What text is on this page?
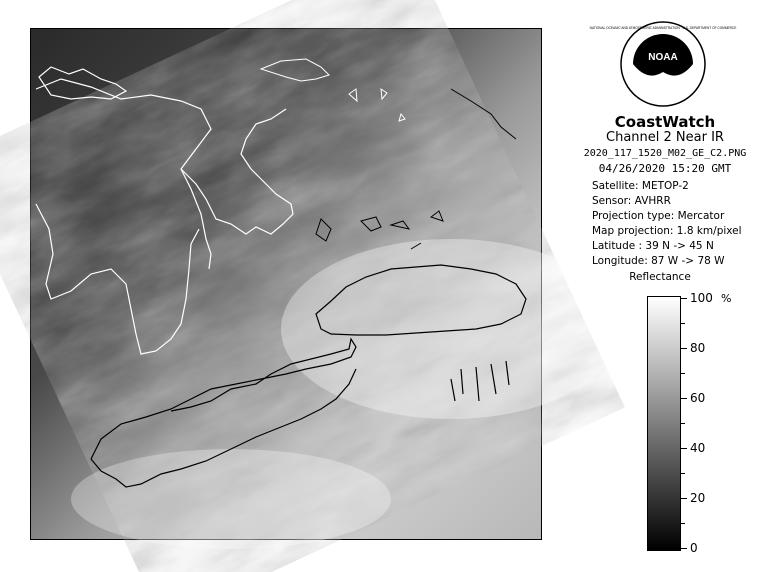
NOAA
NATIONAL OCEANIC AND ATMOSPHERIC ADMINISTRATION · U.S. DEPARTMENT OF COMMERCE
CoastWatch
Channel 2 Near IR
2020_117_1520_M02_GE_C2.PNG
04/26/2020 15:20 GMT
Satellite: METOP-2
Sensor: AVHRR
Projection type: Mercator
Map projection: 1.8 km/pixel
Latitude : 39 N -> 45 N
Longitude: 87 W -> 78 W
Reflectance
%
100
80
60
40
20
0
